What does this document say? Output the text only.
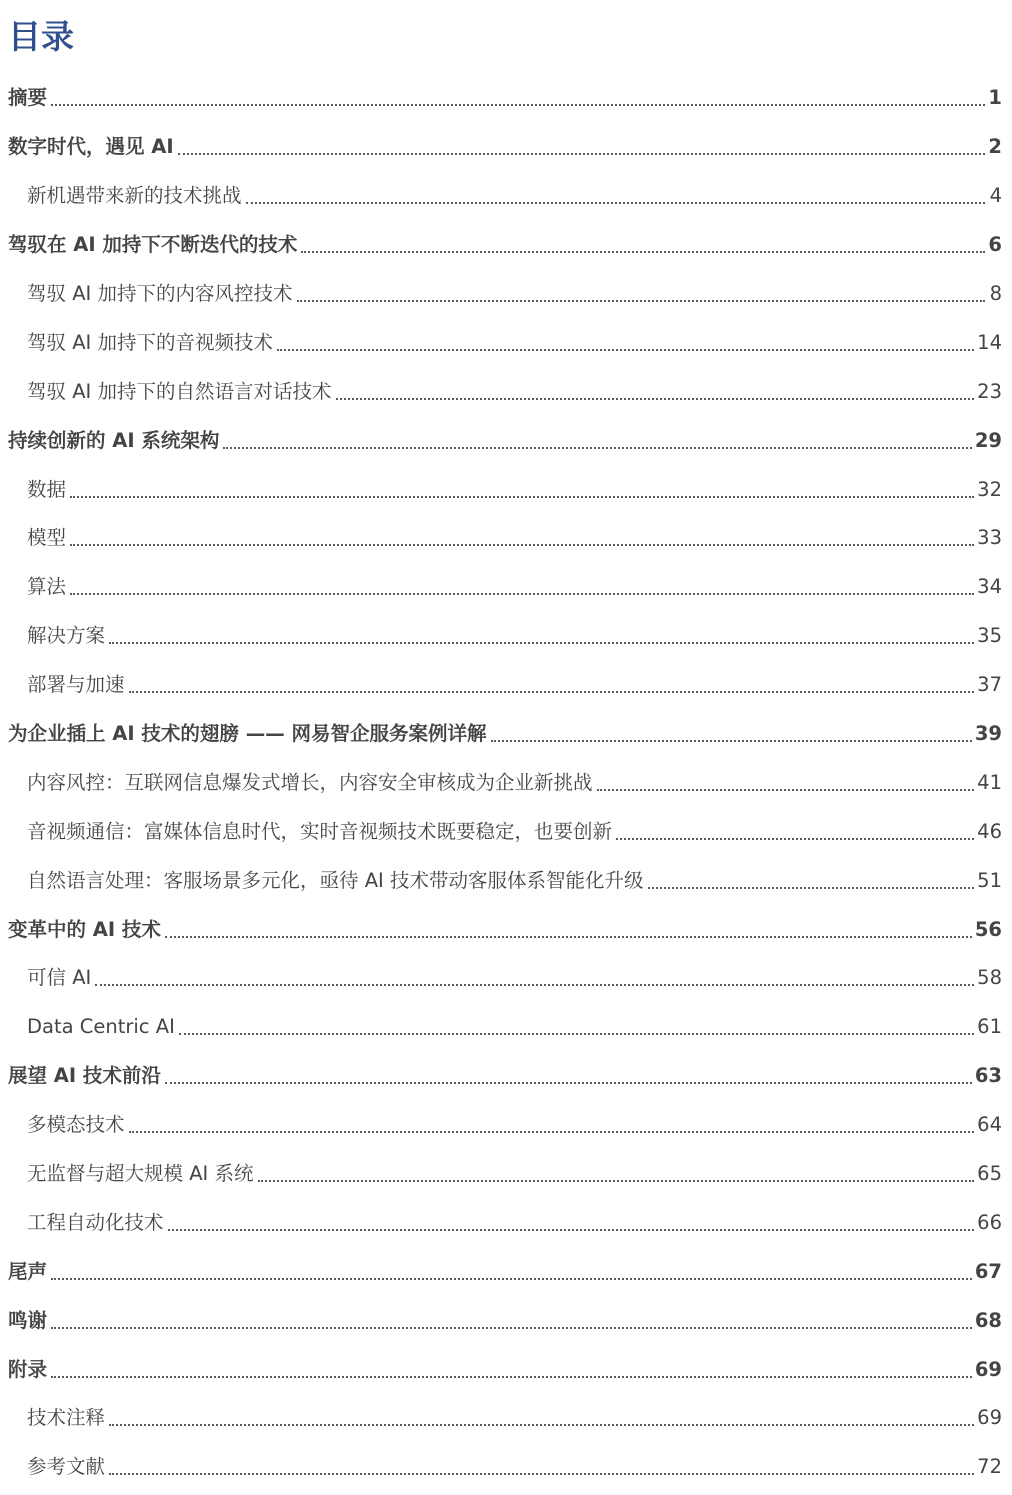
目录
摘要	1
数字时代，遇见 AI	2
新机遇带来新的技术挑战	4
驾驭在 AI 加持下不断迭代的技术	6
驾驭 AI 加持下的内容风控技术	8
驾驭 AI 加持下的音视频技术	14
驾驭 AI 加持下的自然语言对话技术	23
持续创新的 AI 系统架构	29
数据	32
模型	33
算法	34
解决方案	35
部署与加速	37
为企业插上 AI 技术的翅膀 —— 网易智企服务案例详解	39
内容风控：互联网信息爆发式增长，内容安全审核成为企业新挑战	41
音视频通信：富媒体信息时代，实时音视频技术既要稳定，也要创新	46
自然语言处理：客服场景多元化，亟待 AI 技术带动客服体系智能化升级	51
变革中的 AI 技术	56
可信 AI	58
Data Centric AI	61
展望 AI 技术前沿	63
多模态技术	64
无监督与超大规模 AI 系统	65
工程自动化技术	66
尾声	67
鸣谢	68
附录	69
技术注释	69
参考文献	72
